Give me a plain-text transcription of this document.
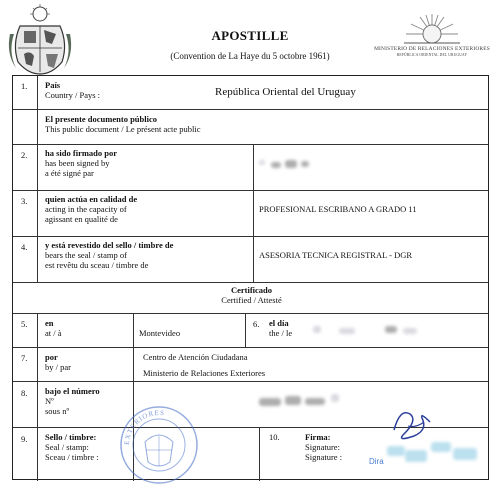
APOSTILLE
(Convention de La Haye du 5 octobre 1961)
MINISTERIO DE RELACIONES EXTERIORES
REPÚBLICA ORIENTAL DEL URUGUAY
1. País
Country / Pays :	República Oriental del Uruguay
El presente documento público
This public document / Le présent acte public
2. ha sido firmado por
has been signed by
a été signé par
3. quien actúa en calidad de
acting in the capacity of
agissant en qualité de
PROFESIONAL ESCRIBANO A GRADO 11
4. y está revestido del sello / timbre de
bears the seal / stamp of
est revêtu du sceau / timbre de
ASESORIA TECNICA REGISTRAL - DGR
Certificado
Certified / Attesté
5. en
at / à	Montevideo
6. el día
the / le
7. por
by / par
Centro de Atención Ciudadana
Ministerio de Relaciones Exteriores
8. bajo el número
Nº
sous nº
9. Sello / timbre:
Seal / stamp:
Sceau / timbre :
10.	Firma:
Signature:
Signature :	Dira
EXTERIORES
